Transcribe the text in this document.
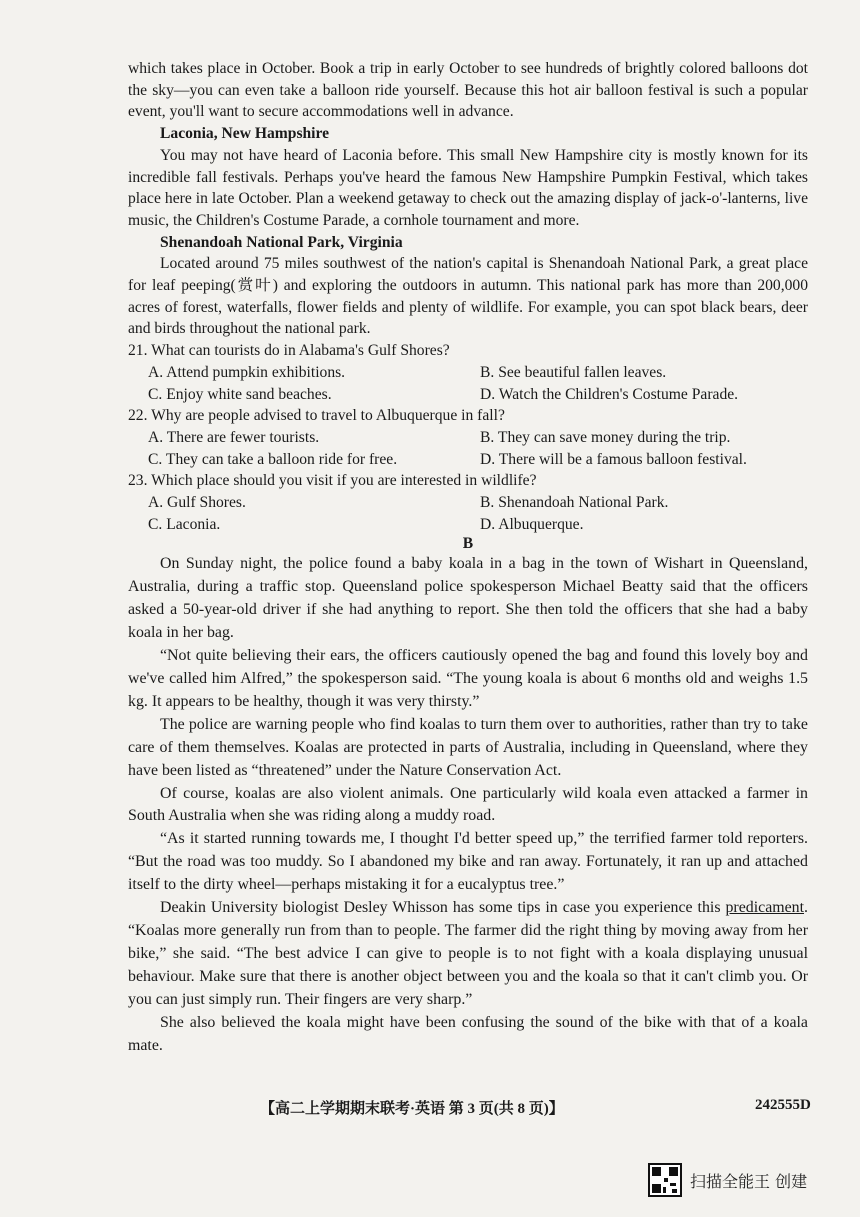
which takes place in October. Book a trip in early October to see hundreds of brightly colored balloons dot the sky—you can even take a balloon ride yourself. Because this hot air balloon festival is such a popular event, you'll want to secure accommodations well in advance.

Laconia, New Hampshire

You may not have heard of Laconia before. This small New Hampshire city is mostly known for its incredible fall festivals. Perhaps you've heard the famous New Hampshire Pumpkin Festival, which takes place here in late October. Plan a weekend getaway to check out the amazing display of jack-o'-lanterns, live music, the Children's Costume Parade, a cornhole tournament and more.

Shenandoah National Park, Virginia

Located around 75 miles southwest of the nation's capital is Shenandoah National Park, a great place for leaf peeping(赏叶) and exploring the outdoors in autumn. This national park has more than 200,000 acres of forest, waterfalls, flower fields and plenty of wildlife. For example, you can spot black bears, deer and birds throughout the national park.

21. What can tourists do in Alabama's Gulf Shores?

A. Attend pumpkin exhibitions.	B. See beautiful fallen leaves.
C. Enjoy white sand beaches.	D. Watch the Children's Costume Parade.

22. Why are people advised to travel to Albuquerque in fall?

A. There are fewer tourists.	B. They can save money during the trip.
C. They can take a balloon ride for free.	D. There will be a famous balloon festival.

23. Which place should you visit if you are interested in wildlife?

A. Gulf Shores.	B. Shenandoah National Park.
C. Laconia.	D. Albuquerque.

B

On Sunday night, the police found a baby koala in a bag in the town of Wishart in Queensland, Australia, during a traffic stop. Queensland police spokesperson Michael Beatty said that the officers asked a 50-year-old driver if she had anything to report. She then told the officers that she had a baby koala in her bag.

“Not quite believing their ears, the officers cautiously opened the bag and found this lovely boy and we've called him Alfred,” the spokesperson said. “The young koala is about 6 months old and weighs 1.5 kg. It appears to be healthy, though it was very thirsty.”

The police are warning people who find koalas to turn them over to authorities, rather than try to take care of them themselves. Koalas are protected in parts of Australia, including in Queensland, where they have been listed as “threatened” under the Nature Conservation Act.

Of course, koalas are also violent animals. One particularly wild koala even attacked a farmer in South Australia when she was riding along a muddy road.

“As it started running towards me, I thought I'd better speed up,” the terrified farmer told reporters. “But the road was too muddy. So I abandoned my bike and ran away. Fortunately, it ran up and attached itself to the dirty wheel—perhaps mistaking it for a eucalyptus tree.”

Deakin University biologist Desley Whisson has some tips in case you experience this predicament. “Koalas more generally run from than to people. The farmer did the right thing by moving away from her bike,” she said. “The best advice I can give to people is to not fight with a koala displaying unusual behaviour. Make sure that there is another object between you and the koala so that it can't climb you. Or you can just simply run. Their fingers are very sharp.”

She also believed the koala might have been confusing the sound of the bike with that of a koala mate.

【高二上学期期末联考·英语 第 3 页(共 8 页)】	242555D
扫描全能王 创建
